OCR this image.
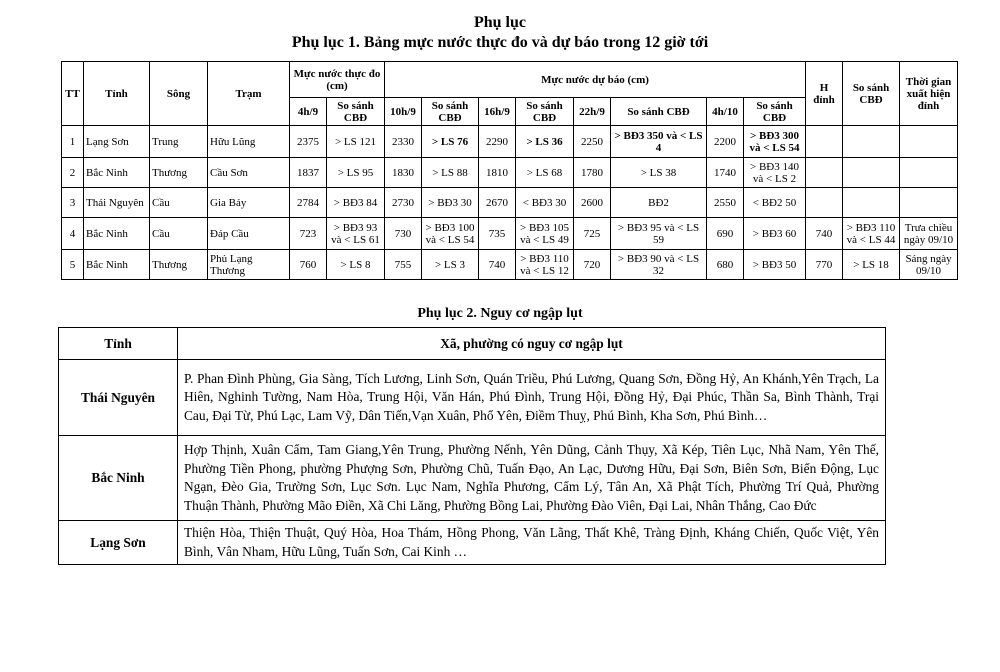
Phụ lục
Phụ lục 1. Bảng mực nước thực đo và dự báo trong 12 giờ tới
TT	Tỉnh	Sông	Trạm	Mực nước thực đo (cm)		Mực nước dự báo (cm)								H đỉnh	So sánh CBĐ	Thời gian xuất hiện đỉnh
				4h/9	So sánh CBĐ	10h/9	So sánh CBĐ	16h/9	So sánh CBĐ	22h/9	So sánh CBĐ	4h/10	So sánh CBĐ			
1	Lạng Sơn	Trung	Hữu Lũng	2375	> LS 121	2330	> LS 76	2290	> LS 36	2250	> BĐ3 350 và < LS 4	2200	> BĐ3 300 và < LS 54			
2	Bắc Ninh	Thương	Cầu Sơn	1837	> LS 95	1830	> LS 88	1810	> LS 68	1780	> LS 38	1740	> BĐ3 140 và < LS 2			
3	Thái Nguyên	Cầu	Gia Bảy	2784	> BĐ3 84	2730	> BĐ3 30	2670	< BĐ3 30	2600	BĐ2	2550	< BĐ2 50			
4	Bắc Ninh	Cầu	Đáp Cầu	723	> BĐ3 93 và < LS 61	730	> BĐ3 100 và < LS 54	735	> BĐ3 105 và < LS 49	725	> BĐ3 95 và < LS 59	690	> BĐ3 60	740	> BĐ3 110 và < LS 44	Trưa chiều ngày 09/10
5	Bắc Ninh	Thương	Phủ Lạng Thương	760	> LS 8	755	> LS 3	740	> BĐ3 110 và < LS 12	720	> BĐ3 90 và < LS 32	680	> BĐ3 50	770	> LS 18	Sáng ngày 09/10
Phụ lục 2. Nguy cơ ngập lụt
Tỉnh	Xã, phường có nguy cơ ngập lụt
Thái Nguyên	P. Phan Đình Phùng, Gia Sàng, Tích Lương, Linh Sơn, Quán Triều, Phú Lương, Quang Sơn, Đồng Hỷ, An Khánh,Yên Trạch, La Hiên, Nghinh Tường, Nam Hòa, Trung Hội, Văn Hán, Phú Đình, Trung Hội, Đồng Hỷ, Đại Phúc, Thần Sa, Bình Thành, Trại Cau, Đại Từ, Phú Lạc, Lam Vỹ, Dân Tiến,Vạn Xuân, Phổ Yên, Điềm Thuỵ, Phú Bình, Kha Sơn, Phú Bình…
Bắc Ninh	Hợp Thịnh, Xuân Cẩm, Tam Giang,Yên Trung, Phường Nếnh, Yên Dũng, Cảnh Thụy, Xã Kép, Tiên Lục, Nhã Nam, Yên Thế, Phường Tiền Phong, phường Phượng Sơn, Phường Chũ, Tuấn Đạo, An Lạc, Dương Hữu, Đại Sơn, Biên Sơn, Biển Động, Lục Ngạn, Đèo Gia, Trường Sơn, Lục Sơn. Lục Nam, Nghĩa Phương, Cẩm Lý, Tân An, Xã Phật Tích, Phường Trí Quả, Phường Thuận Thành, Phường Mão Điền, Xã Chi Lăng, Phường Bồng Lai, Phường Đào Viên, Đại Lai, Nhân Thắng, Cao Đức
Lạng Sơn	Thiện Hòa, Thiện Thuật, Quý Hòa, Hoa Thám, Hồng Phong, Văn Lãng, Thất Khê, Tràng Định, Kháng Chiến, Quốc Việt, Yên Bình, Vân Nham, Hữu Lũng, Tuấn Sơn, Cai Kinh …
